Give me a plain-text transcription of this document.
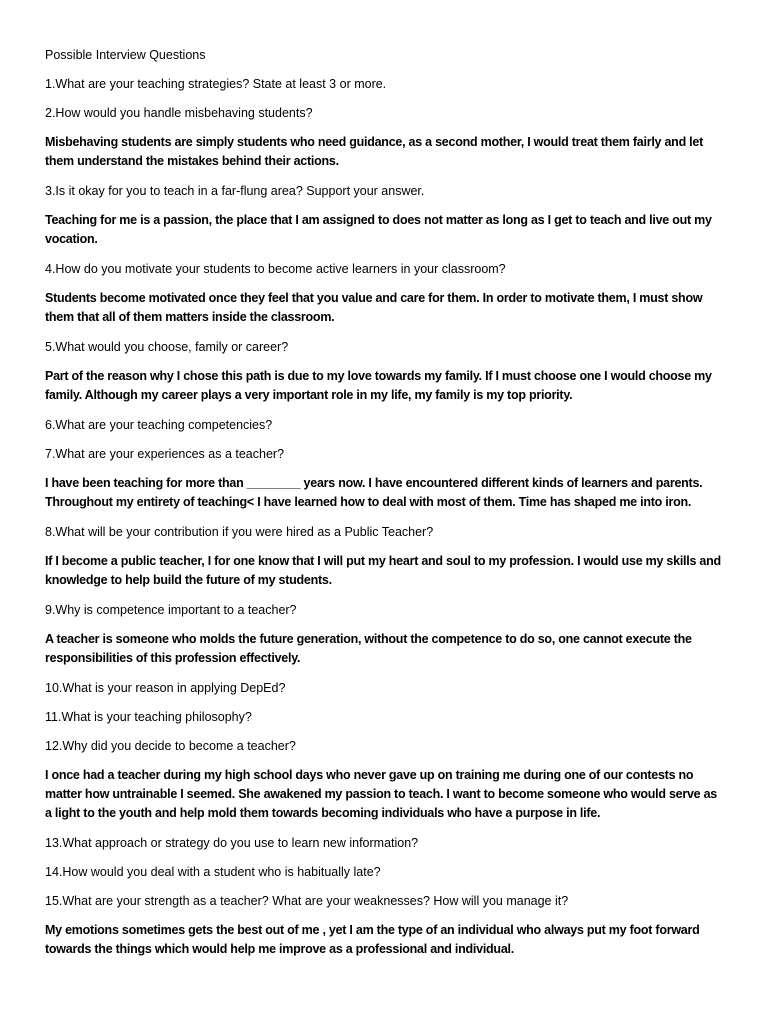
Possible Interview Questions

1.What are your teaching strategies? State at least 3 or more.

2.How would you handle misbehaving students?

Misbehaving students are simply students who need guidance, as a second mother, I would treat them fairly and let them understand the mistakes behind their actions.

3.Is it okay for you to teach in a far-flung area? Support your answer.

Teaching for me is a passion, the place that I am assigned to does not matter as long as I get to teach and live out my vocation.

4.How do you motivate your students to become active learners in your classroom?

Students become motivated once they feel that you value and care for them. In order to motivate them, I must show them that all of them matters inside the classroom.

5.What would you choose, family or career?

Part of the reason why I chose this path is due to my love towards my family. If I must choose one I would choose my family. Although my career plays a very important role in my life, my family is my top priority.

6.What are your teaching competencies?

7.What are your experiences as a teacher?

I have been teaching for more than ________ years now. I have encountered different kinds of learners and parents. Throughout my entirety of teaching< I have learned how to deal with most of them. Time has shaped me into iron.

8.What will be your contribution if you were hired as a Public Teacher?

If I become a public teacher, I for one know that I will put my heart and soul to my profession. I would use my skills and knowledge to help build the future of my students.

9.Why is competence important to a teacher?

A teacher is someone who molds the future generation, without the competence to do so, one cannot execute the responsibilities of this profession effectively.

10.What is your reason in applying DepEd?

11.What is your teaching philosophy?

12.Why did you decide to become a teacher?

I once had a teacher during my high school days who never gave up on training me during one of our contests no matter how untrainable I seemed. She awakened my passion to teach. I want to become someone who would serve as a light to the youth and help mold them towards becoming individuals who have a purpose in life.

13.What approach or strategy do you use to learn new information?

14.How would you deal with a student who is habitually late?

15.What are your strength as a teacher? What are your weaknesses? How will you manage it?

My emotions sometimes gets the best out of me , yet I am the type of an individual who always put my foot forward towards the things which would help me improve as a professional and individual.
